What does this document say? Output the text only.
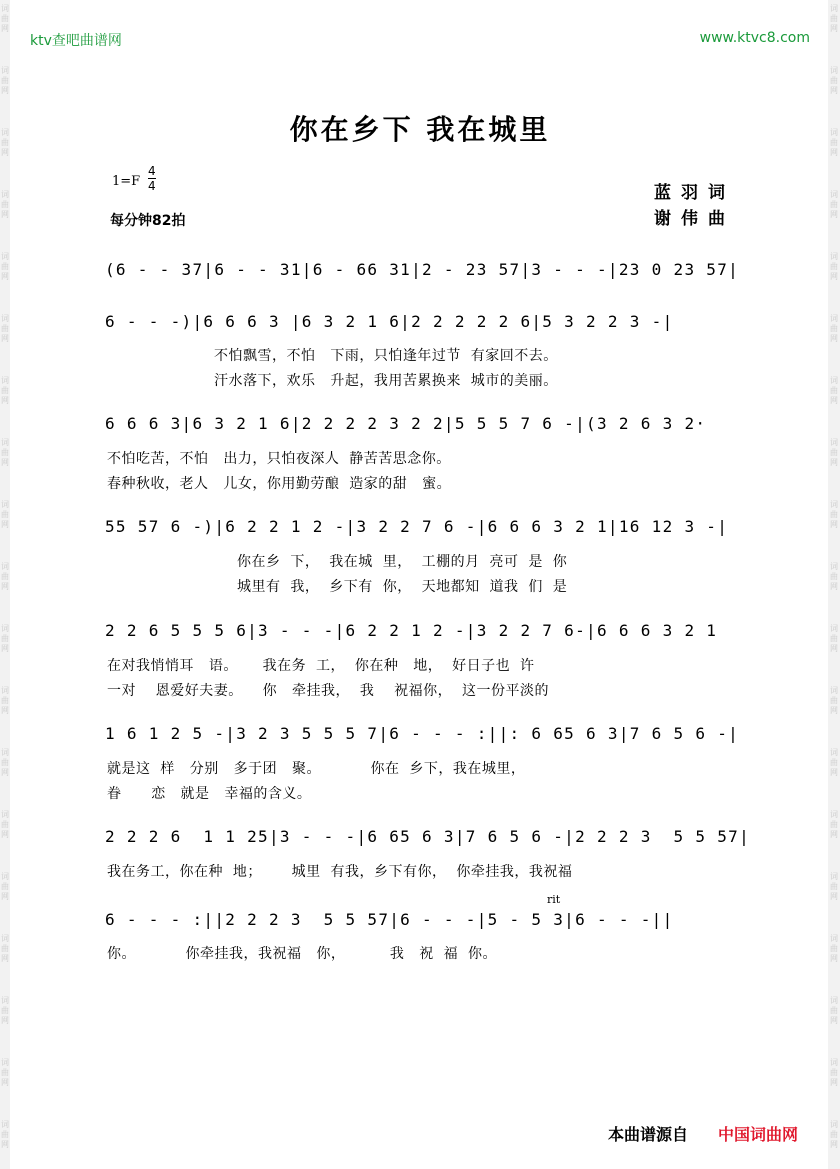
词
曲
网
词
曲
网
词
曲
网
词
曲
网
词
曲
网
词
曲
网
词
曲
网
词
曲
网
词
曲
网
词
曲
网
词
曲
网
词
曲
网
词
曲
网
词
曲
网
词
曲
网
词
曲
网
词
曲
网
词
曲
网
词
曲
网
词
曲
网
词
曲
网
词
曲
网
词
曲
网
词
曲
网
词
曲
网
词
曲
网
词
曲
网
词
曲
网
词
曲
网
词
曲
网
词
曲
网
词
曲
网
词
曲
网
词
曲
网
词
曲
网
词
曲
网
词
曲
网
词
曲
网
ktv查吧曲谱网	www.ktvc8.com
你在乡下 我在城里
$1=F \frac{4}{4}$
每分钟82拍
蓝羽词
谢伟曲
(6 - - 37|6 - - 31|6 - 66 31|2 - 23 57|3 - - -|23 0 23 57|
6 - - -)|6 6 6 3 |6 3 2 1 6|2 2 2 2 2 6|5 3 2 2 3 -|
不怕飘雪，不怕   下雨，只怕逢年过节  有家回不去。
汗水落下，欢乐   升起，我用苦累换来  城市的美丽。
6 6 6 3|6 3 2 1 6|2 2 2 2 3 2 2|5 5 5 7 6 -|(3 2 6 3 2·
不怕吃苦，不怕   出力，只怕夜深人  静苦苦思念你。
春种秋收，老人   儿女，你用勤劳酿  造家的甜   蜜。
55 57 6 -)|6 2 2 1 2 -|3 2 2 7 6 -|6 6 6 3 2 1|16 12 3 -|
你在乡  下，  我在城  里，  工棚的月  亮可  是  你
城里有  我，  乡下有  你，  天地都知  道我  们  是
2 2 6 5 5 5 6|3 - - -|6 2 2 1 2 -|3 2 2 7 6-|6 6 6 3 2 1
在对我悄悄耳   语。     我在务  工，  你在种   地，  好日子也  许
一对    恩爱好夫妻。    你   牵挂我，  我    祝福你，  这一份平淡的
1 6 1 2 5 -|3 2 3 5 5 5 7|6 - - - :||: 6 65 6 3|7 6 5 6 -|
就是这  样   分别   多于团   聚。          你在  乡下，我在城里，
眷      恋   就是   幸福的含义。
2 2 2 6  1 1 25|3 - - -|6 65 6 3|7 6 5 6 -|2 2 2 3  5 5 57|
我在务工，你在种  地；      城里  有我，乡下有你，  你牵挂我，我祝福
rit
6 - - - :||2 2 2 3  5 5 57|6 - - -|5 - 5 3|6 - - -||
你。          你牵挂我，我祝福   你，         我   祝  福  你。
本曲谱源自 中国词曲网
